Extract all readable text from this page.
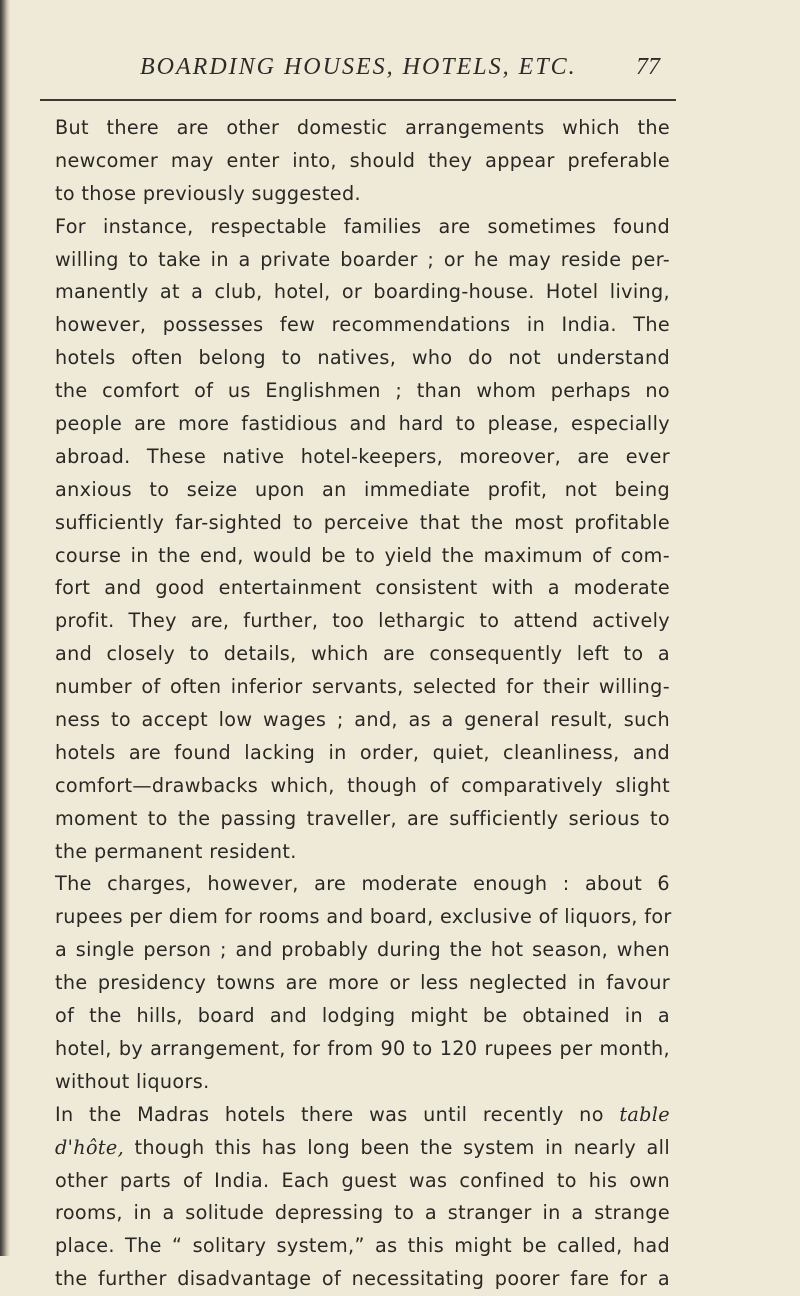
BOARDING HOUSES, HOTELS, ETC. 77
But there are other domestic arrangements which the
newcomer may enter into, should they appear preferable
to those previously suggested.
For instance, respectable families are sometimes found
willing to take in a private boarder ; or he may reside per-
manently at a club, hotel, or boarding-house. Hotel living,
however, possesses few recommendations in India. The
hotels often belong to natives, who do not understand
the comfort of us Englishmen ; than whom perhaps no
people are more fastidious and hard to please, especially
abroad. These native hotel-keepers, moreover, are ever
anxious to seize upon an immediate profit, not being
sufficiently far-sighted to perceive that the most profitable
course in the end, would be to yield the maximum of com-
fort and good entertainment consistent with a moderate
profit. They are, further, too lethargic to attend actively
and closely to details, which are consequently left to a
number of often inferior servants, selected for their willing-
ness to accept low wages ; and, as a general result, such
hotels are found lacking in order, quiet, cleanliness, and
comfort—drawbacks which, though of comparatively slight
moment to the passing traveller, are sufficiently serious to
the permanent resident.
The charges, however, are moderate enough : about 6
rupees per diem for rooms and board, exclusive of liquors, for
a single person ; and probably during the hot season, when
the presidency towns are more or less neglected in favour
of the hills, board and lodging might be obtained in a
hotel, by arrangement, for from 90 to 120 rupees per month,
without liquors.
In the Madras hotels there was until recently no table
d'hôte, though this has long been the system in nearly all
other parts of India. Each guest was confined to his own
rooms, in a solitude depressing to a stranger in a strange
place. The “ solitary system,” as this might be called, had
the further disadvantage of necessitating poorer fare for a
